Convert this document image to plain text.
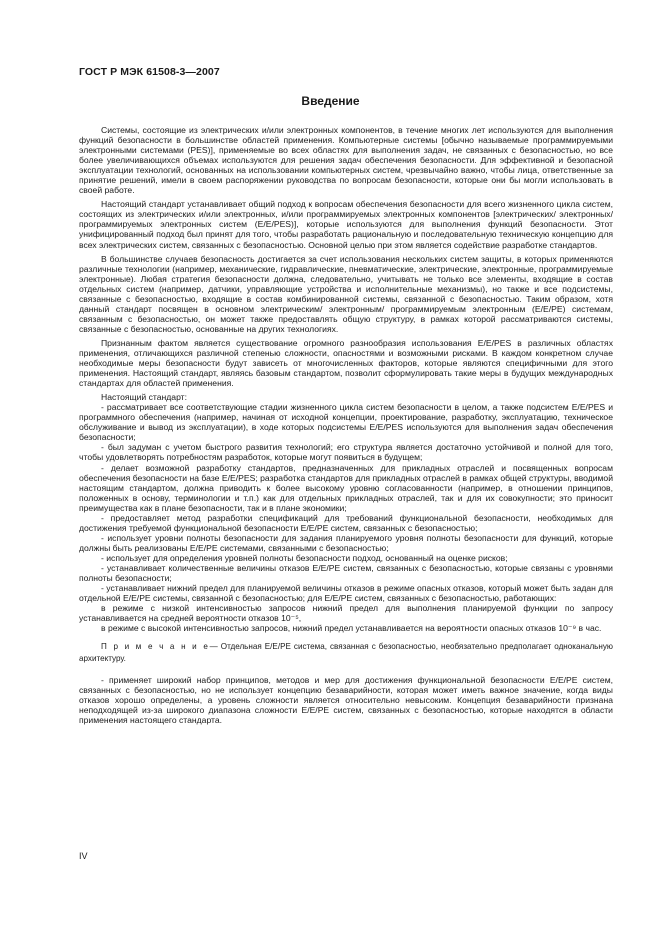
ГОСТ Р МЭК 61508-3—2007
Введение

Системы, состоящие из электрических и/или электронных компонентов, в течение многих лет используются для выполнения функций безопасности в большинстве областей применения. Компьютерные системы [обычно называемые программируемыми электронными системами (PES)], применяемые во всех областях для выполнения задач, не связанных с безопасностью, но все более увеличивающихся объемах используются для решения задач обеспечения безопасности. Для эффективной и безопасной эксплуатации технологий, основанных на использовании компьютерных систем, чрезвычайно важно, чтобы лица, ответственные за принятие решений, имели в своем распоряжении руководства по вопросам безопасности, которые они бы могли использовать в своей работе.

Настоящий стандарт устанавливает общий подход к вопросам обеспечения безопасности для всего жизненного цикла систем, состоящих из электрических и/или электронных, и/или программируемых электронных компонентов [электрических/ электронных/программируемых электронных систем (E/E/PES)], которые используются для выполнения функций безопасности. Этот унифицированный подход был принят для того, чтобы разработать рациональную и последовательную техническую концепцию для всех электрических систем, связанных с безопасностью. Основной целью при этом является содействие разработке стандартов.

В большинстве случаев безопасность достигается за счет использования нескольких систем защиты, в которых применяются различные технологии (например, механические, гидравлические, пневматические, электрические, электронные, программируемые электронные). Любая стратегия безопасности должна, следовательно, учитывать не только все элементы, входящие в состав отдельных систем (например, датчики, управляющие устройства и исполнительные механизмы), но также и все подсистемы, связанные с безопасностью, входящие в состав комбинированной системы, связанной с безопасностью. Таким образом, хотя данный стандарт посвящен в основном электрическим/ электронным/ программируемым электронным (E/E/PE) системам, связанным с безопасностью, он может также предоставлять общую структуру, в рамках которой рассматриваются системы, связанные с безопасностью, основанные на других технологиях.

Признанным фактом является существование огромного разнообразия использования E/E/PES в различных областях применения, отличающихся различной степенью сложности, опасностями и возможными рисками. В каждом конкретном случае необходимые меры безопасности будут зависеть от многочисленных факторов, которые являются специфичными для этого применения. Настоящий стандарт, являясь базовым стандартом, позволит сформулировать такие меры в будущих международных стандартах для областей применения.

Настоящий стандарт:

- рассматривает все соответствующие стадии жизненного цикла систем безопасности в целом, а также подсистем E/E/PES и программного обеспечения (например, начиная от исходной концепции, проектирование, разработку, эксплуатацию, техническое обслуживание и вывод из эксплуатации), в ходе которых подсистемы E/E/PES используются для выполнения задач обеспечения безопасности;

- был задуман с учетом быстрого развития технологий; его структура является достаточно устойчивой и полной для того, чтобы удовлетворять потребностям разработок, которые могут появиться в будущем;

- делает возможной разработку стандартов, предназначенных для прикладных отраслей и посвященных вопросам обеспечения безопасности на базе E/E/PES; разработка стандартов для прикладных отраслей в рамках общей структуры, вводимой настоящим стандартом, должна приводить к более высокому уровню согласованности (например, в отношении принципов, положенных в основу, терминологии и т.п.) как для отдельных прикладных отраслей, так и для их совокупности; это приносит преимущества как в плане безопасности, так и в плане экономики;

- предоставляет метод разработки спецификаций для требований функциональной безопасности, необходимых для достижения требуемой функциональной безопасности E/E/PE систем, связанных с безопасностью;

- использует уровни полноты безопасности для задания планируемого уровня полноты безопасности для функций, которые должны быть реализованы E/E/PE системами, связанными с безопасностью;

- использует для определения уровней полноты безопасности подход, основанный на оценке рисков;

- устанавливает количественные величины отказов E/E/PE систем, связанных с безопасностью, которые связаны с уровнями полноты безопасности;

- устанавливает нижний предел для планируемой величины отказов в режиме опасных отказов, который может быть задан для отдельной E/E/PE системы, связанной с безопасностью; для E/E/PE систем, связанных с безопасностью, работающих:

в режиме с низкой интенсивностью запросов нижний предел для выполнения планируемой функции по запросу устанавливается на средней вероятности отказов 10⁻⁵,

в режиме с высокой интенсивностью запросов, нижний предел устанавливается на вероятности опасных отказов 10⁻⁹ в час.

П р и м е ч а н и е— Отдельная E/E/PE система, связанная с безопасностью, необязательно предполагает одноканальную архитектуру.

- применяет широкий набор принципов, методов и мер для достижения функциональной безопасности E/E/PE систем, связанных с безопасностью, но не использует концепцию безаварийности, которая может иметь важное значение, когда виды отказов хорошо определены, а уровень сложности является относительно невысоким. Концепция безаварийности признана неподходящей из-за широкого диапазона сложности E/E/PE систем, связанных с безопасностью, которые находятся в области применения настоящего стандарта.

IV
